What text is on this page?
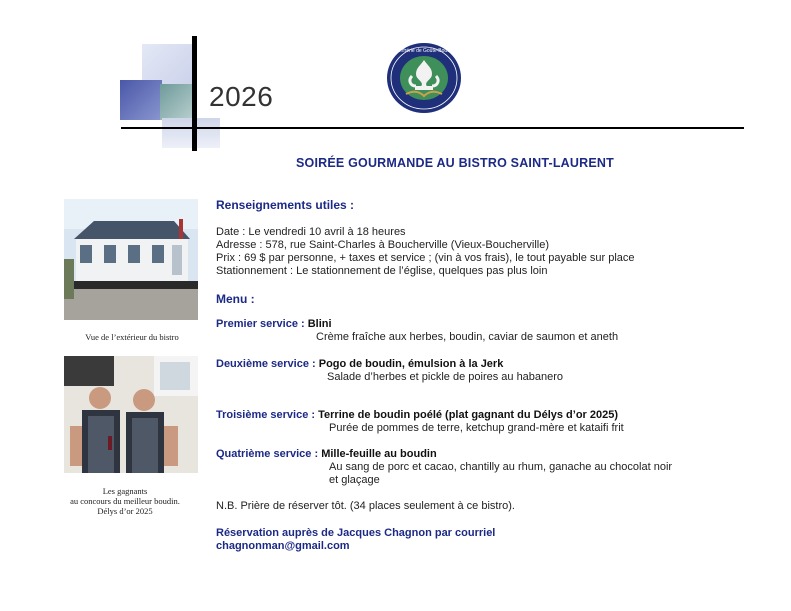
2026
Confrérie de Goûte-Boudin
SOIRÉE GOURMANDE AU BISTRO SAINT-LAURENT
Vue de l’extérieur du bistro
Les gagnants
au concours du meilleur boudin.
Délys d’or 2025
Renseignements utiles :
Date : Le vendredi 10 avril à 18 heures
Adresse : 578, rue Saint-Charles à Boucherville (Vieux-Boucherville)
Prix : 69 $ par personne, + taxes et service ; (vin à vos frais), le tout payable sur place
Stationnement : Le stationnement de l’église, quelques pas plus loin
Menu :
Premier service : Blini
Crème fraîche aux herbes, boudin, caviar de saumon et aneth
Deuxième service : Pogo de boudin, émulsion à la Jerk
Salade d’herbes et pickle de poires au habanero
Troisième service : Terrine de boudin poélé (plat gagnant du Délys d’or 2025)
Purée de pommes de terre, ketchup grand-mère et kataifi frit
Quatrième service : Mille-feuille au boudin
Au sang de porc et cacao, chantilly au rhum, ganache au chocolat noir
et glaçage
N.B. Prière de réserver tôt. (34 places seulement à ce bistro).
Réservation auprès de Jacques Chagnon par courriel
chagnonman@gmail.com
